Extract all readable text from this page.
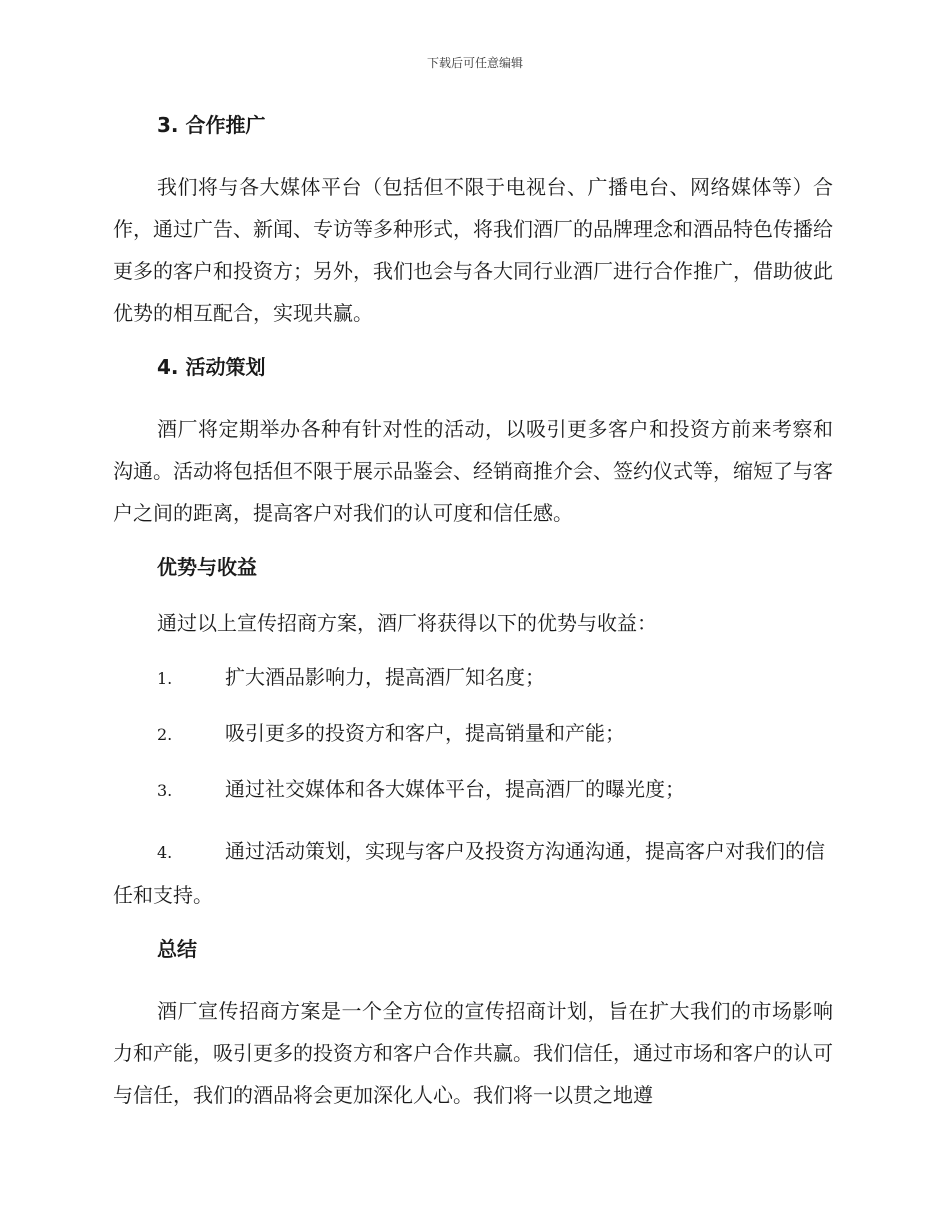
下载后可任意编辑
3. 合作推广

我们将与各大媒体平台（包括但不限于电视台、广播电台、网络媒体等）合作，通过广告、新闻、专访等多种形式，将我们酒厂的品牌理念和酒品特色传播给更多的客户和投资方；另外，我们也会与各大同行业酒厂进行合作推广，借助彼此优势的相互配合，实现共赢。

4. 活动策划

酒厂将定期举办各种有针对性的活动，以吸引更多客户和投资方前来考察和沟通。活动将包括但不限于展示品鉴会、经销商推介会、签约仪式等，缩短了与客户之间的距离，提高客户对我们的认可度和信任感。

优势与收益
通过以上宣传招商方案，酒厂将获得以下的优势与收益：
1.	扩大酒品影响力，提高酒厂知名度；
2.	吸引更多的投资方和客户，提高销量和产能；
3.	通过社交媒体和各大媒体平台，提高酒厂的曝光度；
4.	通过活动策划，实现与客户及投资方沟通沟通，提高客户对我们的信任和支持。
总结

酒厂宣传招商方案是一个全方位的宣传招商计划，旨在扩大我们的市场影响力和产能，吸引更多的投资方和客户合作共赢。我们信任，通过市场和客户的认可与信任，我们的酒品将会更加深化人心。我们将一以贯之地遵
